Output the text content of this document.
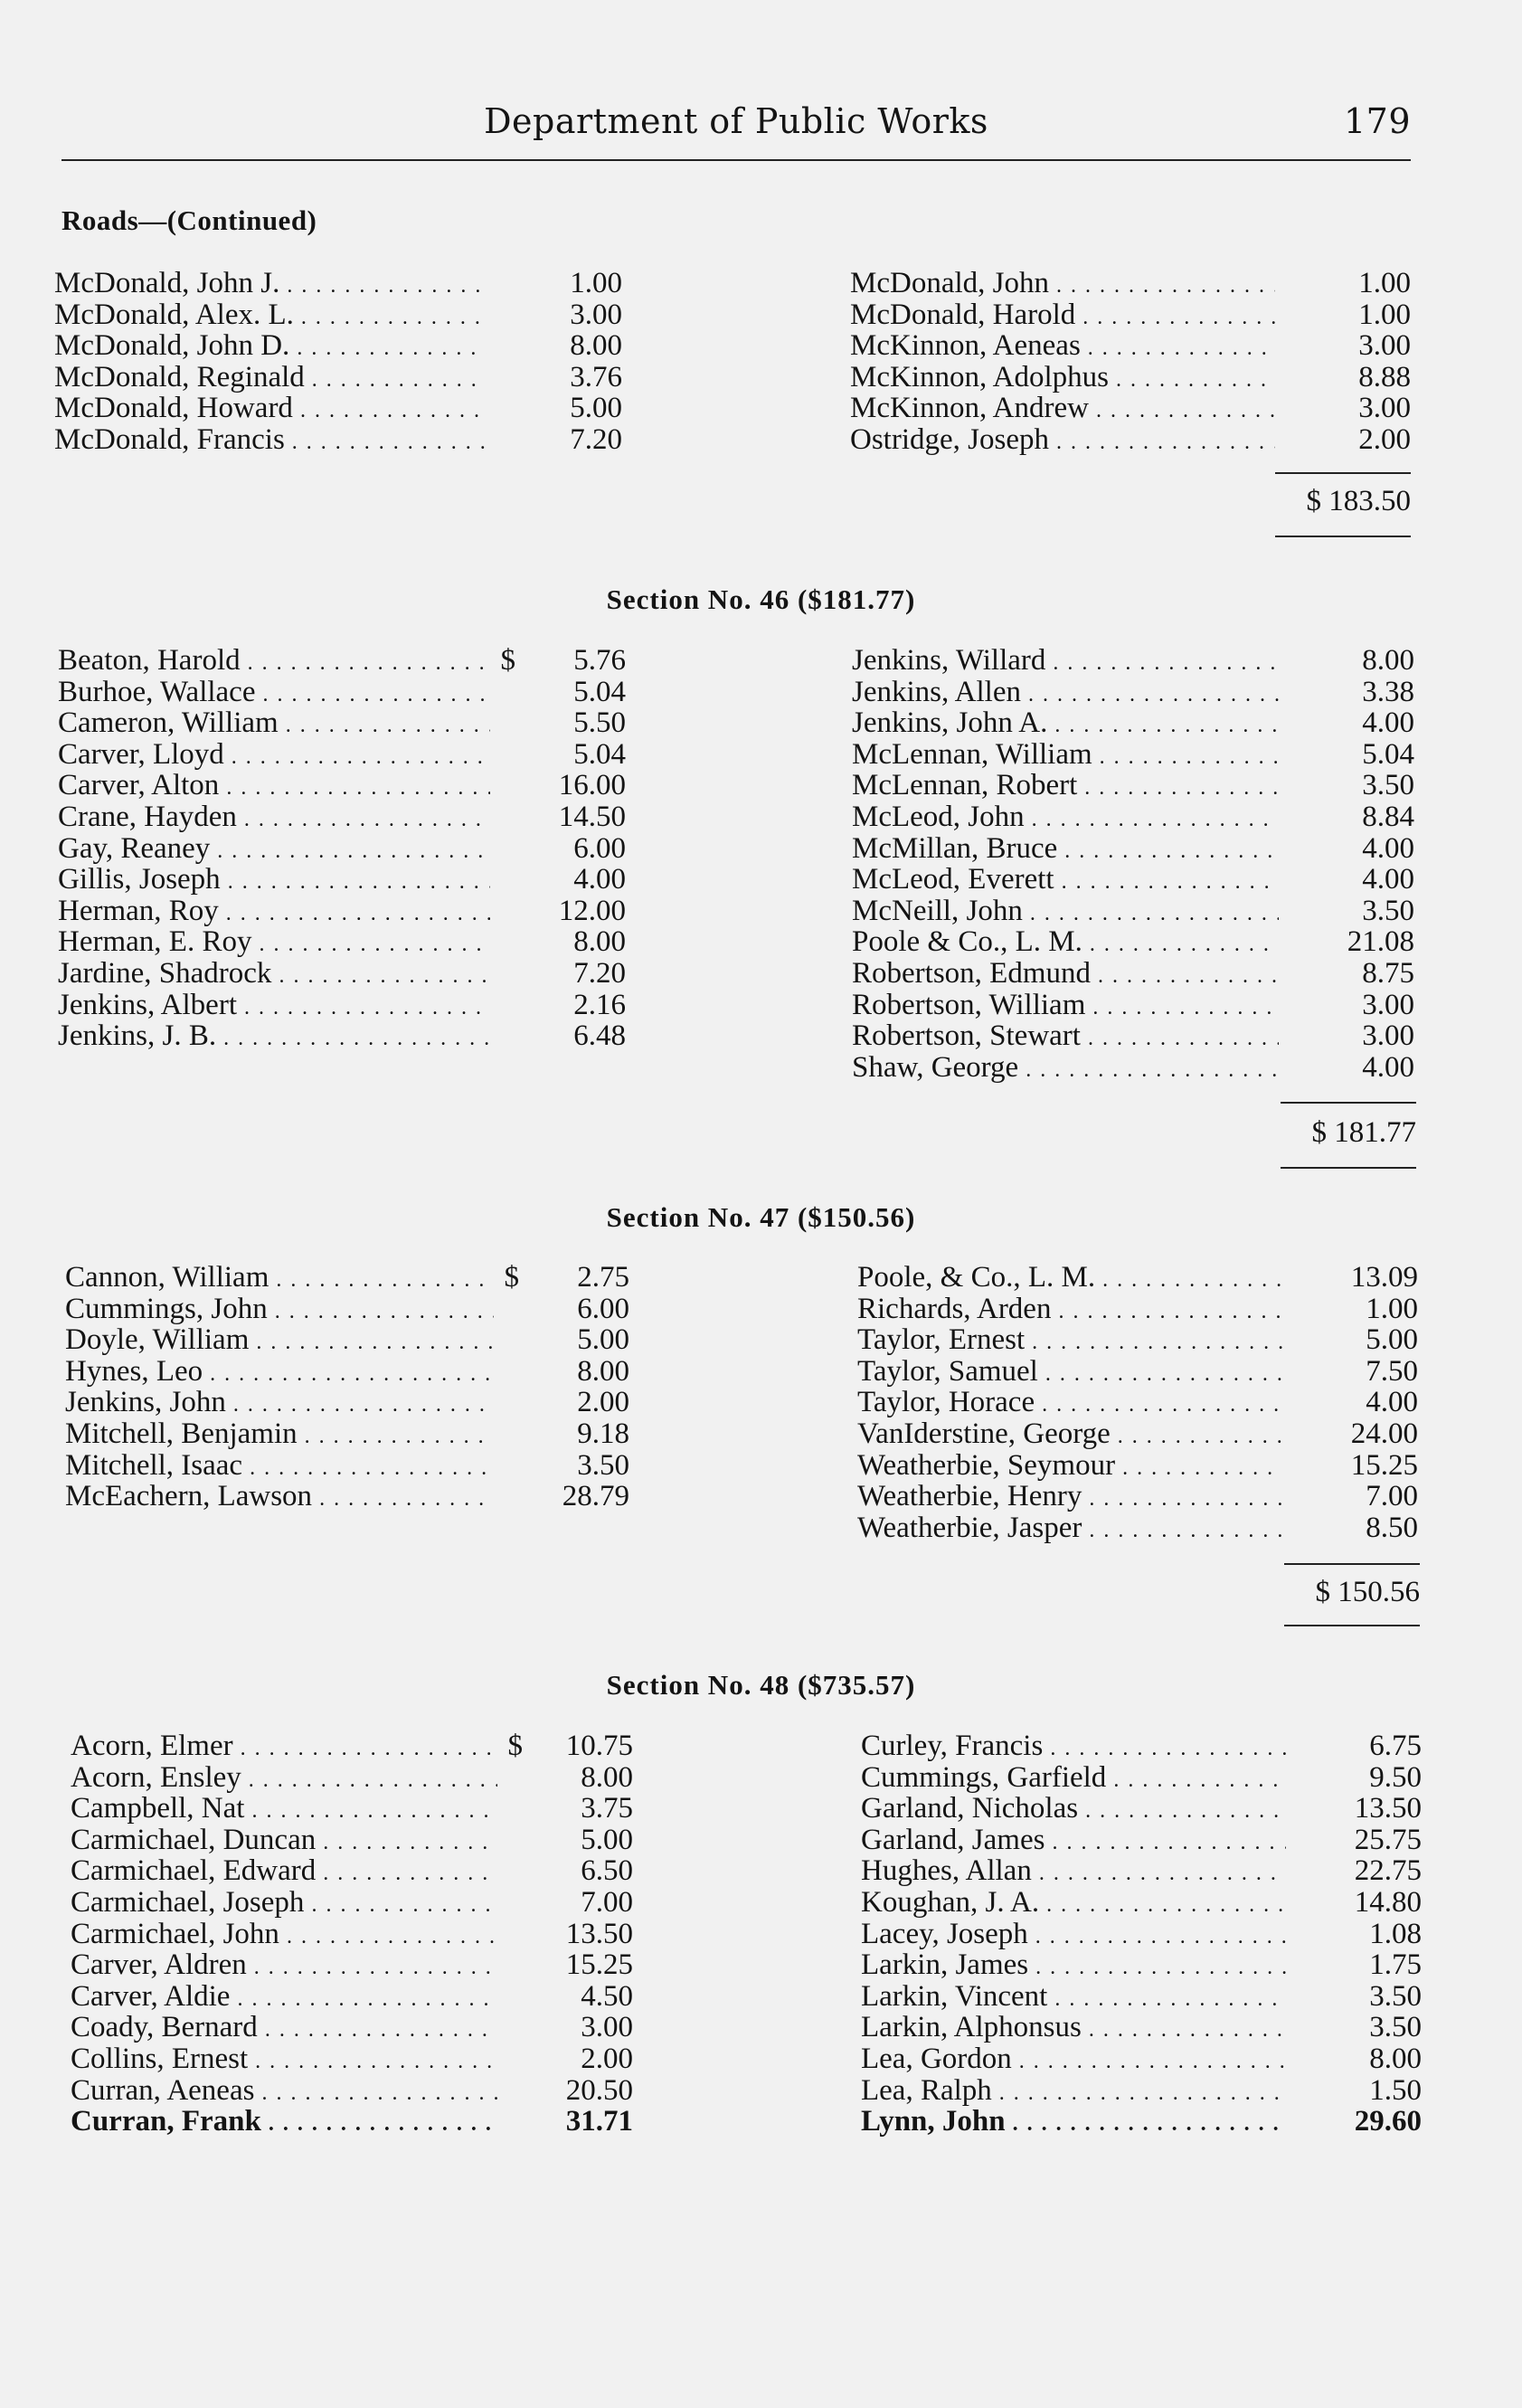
Department of Public Works	179
Roads—(Continued)
McDonald, John J. . . .	1.00
McDonald, Alex. L. . . .	3.00
McDonald, John D. . . .	8.00
McDonald, Reginald . . .	3.76
McDonald, Howard . . .	5.00
McDonald, Francis . . .	7.20
McDonald, John . . .	1.00
McDonald, Harold . . .	1.00
McKinnon, Aeneas . . .	3.00
McKinnon, Adolphus . . .	8.88
McKinnon, Andrew . . .	3.00
Ostridge, Joseph . . .	2.00
$ 183.50
Section No. 46 ($181.77)
Beaton, Harold . . .	$ 5.76
Burhoe, Wallace . . .	5.04
Cameron, William . . .	5.50
Carver, Lloyd . . .	5.04
Carver, Alton . . .	16.00
Crane, Hayden . . .	14.50
Gay, Reaney . . .	6.00
Gillis, Joseph . . .	4.00
Herman, Roy . . .	12.00
Herman, E. Roy . . .	8.00
Jardine, Shadrock . . .	7.20
Jenkins, Albert . . .	2.16
Jenkins, J. B. . . .	6.48
Jenkins, Willard . . .	8.00
Jenkins, Allen . . .	3.38
Jenkins, John A. . . .	4.00
McLennan, William . . .	5.04
McLennan, Robert . . .	3.50
McLeod, John . . .	8.84
McMillan, Bruce . . .	4.00
McLeod, Everett . . .	4.00
McNeill, John . . .	3.50
Poole & Co., L. M. . . .	21.08
Robertson, Edmund . . .	8.75
Robertson, William . . .	3.00
Robertson, Stewart . . .	3.00
Shaw, George . . .	4.00
$ 181.77
Section No. 47 ($150.56)
Cannon, William . . .	$ 2.75
Cummings, John . . .	6.00
Doyle, William . . .	5.00
Hynes, Leo . . .	8.00
Jenkins, John . . .	2.00
Mitchell, Benjamin . . .	9.18
Mitchell, Isaac . . .	3.50
McEachern, Lawson . . .	28.79
Poole, & Co., L. M. . . .	13.09
Richards, Arden . . .	1.00
Taylor, Ernest . . .	5.00
Taylor, Samuel . . .	7.50
Taylor, Horace . . .	4.00
VanIderstine, George . . .	24.00
Weatherbie, Seymour . . .	15.25
Weatherbie, Henry . . .	7.00
Weatherbie, Jasper . . .	8.50
$ 150.56
Section No. 48 ($735.57)
Acorn, Elmer . . .	$ 10.75
Acorn, Ensley . . .	8.00
Campbell, Nat . . .	3.75
Carmichael, Duncan . . .	5.00
Carmichael, Edward . . .	6.50
Carmichael, Joseph . . .	7.00
Carmichael, John . . .	13.50
Carver, Aldren . . .	15.25
Carver, Aldie . . .	4.50
Coady, Bernard . . .	3.00
Collins, Ernest . . .	2.00
Curran, Aeneas . . .	20.50
Curran, Frank . . .	31.71
Curley, Francis . . .	6.75
Cummings, Garfield . . .	9.50
Garland, Nicholas . . .	13.50
Garland, James . . .	25.75
Hughes, Allan . . .	22.75
Koughan, J. A. . . .	14.80
Lacey, Joseph . . .	1.08
Larkin, James . . .	1.75
Larkin, Vincent . . .	3.50
Larkin, Alphonsus . . .	3.50
Lea, Gordon . . .	8.00
Lea, Ralph . . .	1.50
Lynn, John . . .	29.60
